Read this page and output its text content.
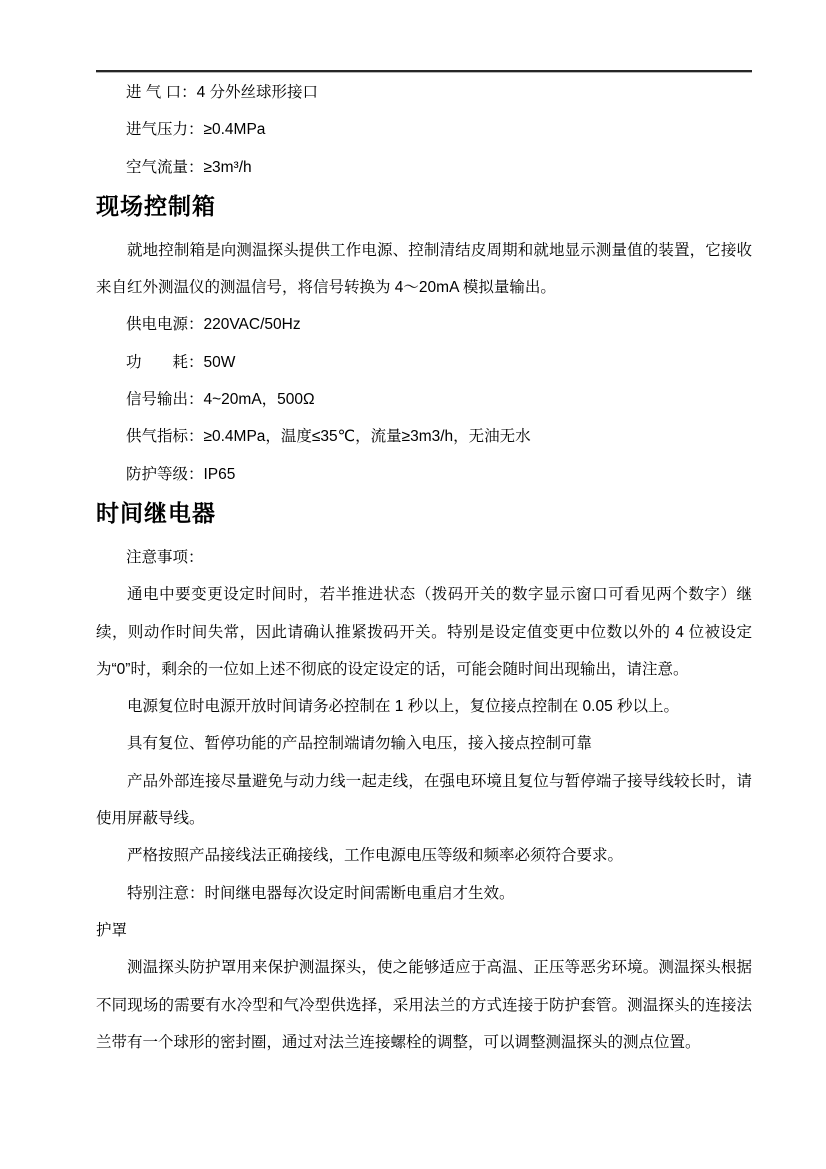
进 气 口：4 分外丝球形接口

进气压力：≥0.4MPa

空气流量：≥3m³/h

现场控制箱

就地控制箱是向测温探头提供工作电源、控制清结皮周期和就地显示测量值的装置，它接收来自红外测温仪的测温信号，将信号转换为 4～20mA 模拟量输出。

供电电源：220VAC/50Hz

功　　耗：50W

信号输出：4~20mA，500Ω

供气指标：≥0.4MPa，温度≤35℃，流量≥3m3/h，无油无水

防护等级：IP65

时间继电器

注意事项：

通电中要变更设定时间时，若半推进状态（拨码开关的数字显示窗口可看见两个数字）继续，则动作时间失常，因此请确认推紧拨码开关。特别是设定值变更中位数以外的 4 位被设定为“0”时，剩余的一位如上述不彻底的设定设定的话，可能会随时间出现输出，请注意。

电源复位时电源开放时间请务必控制在 1 秒以上，复位接点控制在 0.05 秒以上。

具有复位、暂停功能的产品控制端请勿输入电压，接入接点控制可靠

产品外部连接尽量避免与动力线一起走线，在强电环境且复位与暂停端子接导线较长时，请使用屏蔽导线。

严格按照产品接线法正确接线，工作电源电压等级和频率必须符合要求。

特别注意：时间继电器每次设定时间需断电重启才生效。

护罩

测温探头防护罩用来保护测温探头，使之能够适应于高温、正压等恶劣环境。测温探头根据不同现场的需要有水冷型和气冷型供选择，采用法兰的方式连接于防护套管。测温探头的连接法兰带有一个球形的密封圈，通过对法兰连接螺栓的调整，可以调整测温探头的测点位置。
